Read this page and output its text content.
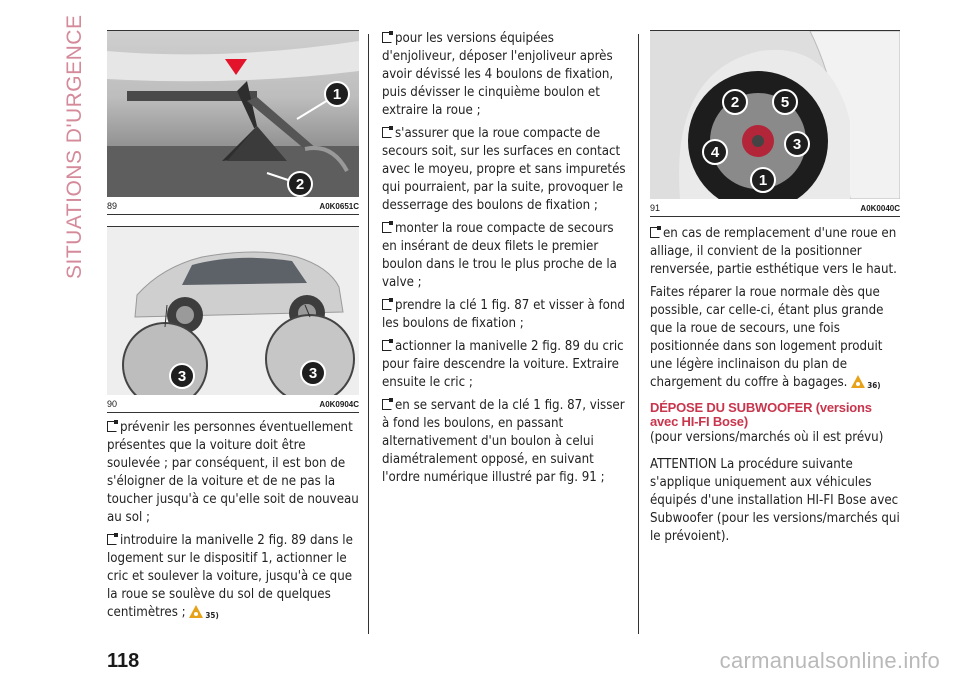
SITUATIONS D'URGENCE	1
2
89	A0K0651C
3	3
90	A0K0904C

prévenir les personnes éventuellement présentes que la voiture doit être soulevée ; par conséquent, il est bon de s'éloigner de la voiture et de ne pas la toucher jusqu'à ce qu'elle soit de nouveau au sol ;

introduire la manivelle 2 fig. 89 dans le logement sur le dispositif 1, actionner le cric et soulever la voiture, jusqu'à ce que la roue se soulève du sol de quelques centimètres ; 35)

pour les versions équipées d'enjoliveur, déposer l'enjoliveur après avoir dévissé les 4 boulons de fixation, puis dévisser le cinquième boulon et extraire la roue ;

s'assurer que la roue compacte de secours soit, sur les surfaces en contact avec le moyeu, propre et sans impuretés qui pourraient, par la suite, provoquer le desserrage des boulons de fixation ;

monter la roue compacte de secours en insérant de deux filets le premier boulon dans le trou le plus proche de la valve ;

prendre la clé 1 fig. 87 et visser à fond les boulons de fixation ;

actionner la manivelle 2 fig. 89 du cric pour faire descendre la voiture. Extraire ensuite le cric ;

en se servant de la clé 1 fig. 87, visser à fond les boulons, en passant alternativement d'un boulon à celui diamétralement opposé, en suivant l'ordre numérique illustré par fig. 91 ;

2	5
4	3
1
91	A0K0040C

en cas de remplacement d'une roue en alliage, il convient de la positionner renversée, partie esthétique vers le haut.

Faites réparer la roue normale dès que possible, car celle-ci, étant plus grande que la roue de secours, une fois positionnée dans son logement produit une légère inclinaison du plan de chargement du coffre à bagages. 36)

DÉPOSE DU SUBWOOFER (versions avec HI-FI Bose)

(pour versions/marchés où il est prévu)

ATTENTION La procédure suivante s'applique uniquement aux véhicules équipés d'une installation HI-FI Bose avec Subwoofer (pour les versions/marchés qui le prévoient).

118	carmanualsonline.info
